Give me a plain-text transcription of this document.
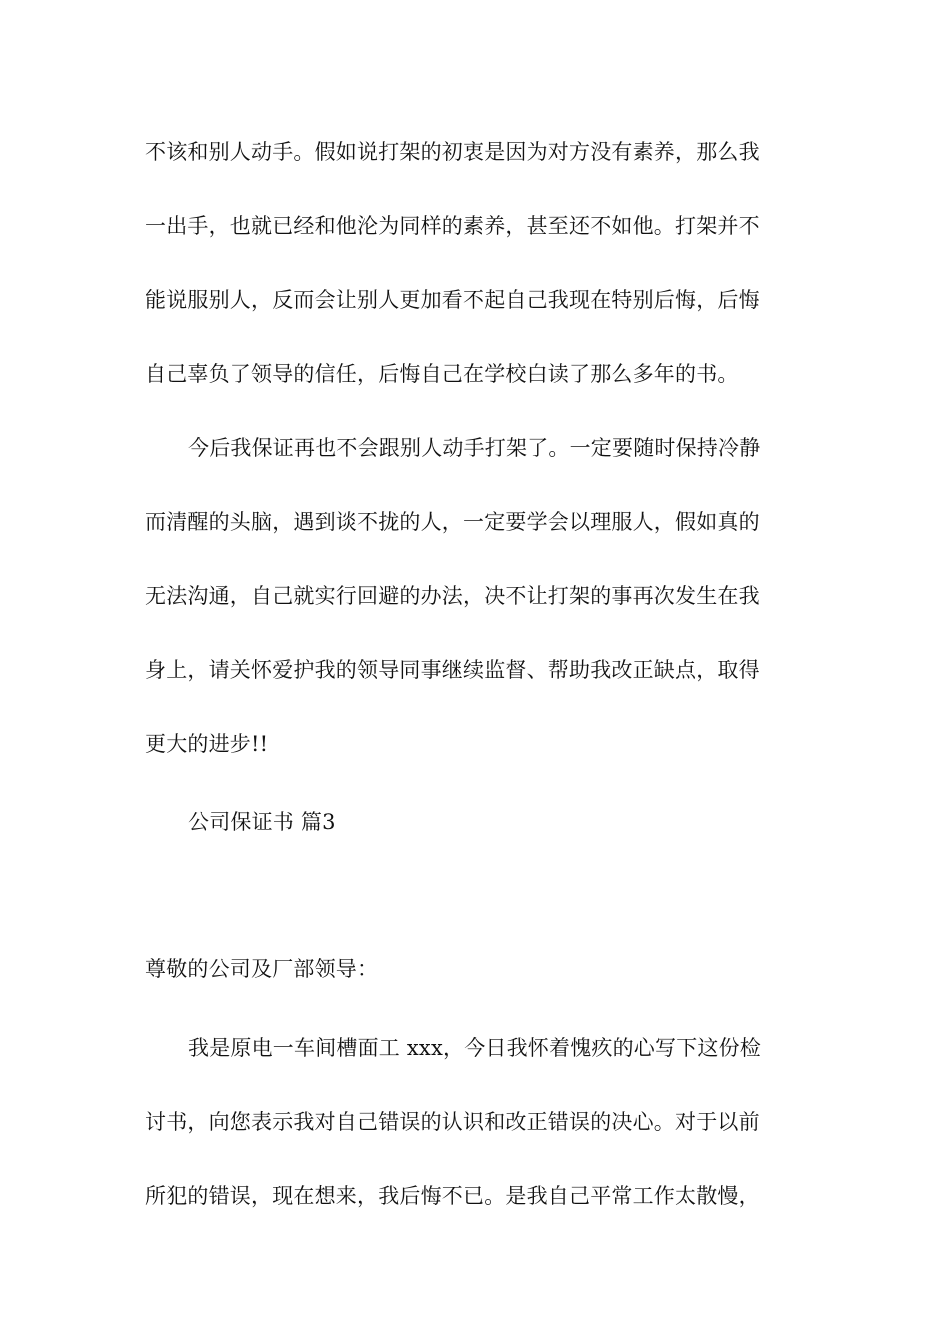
不该和别人动手。假如说打架的初衷是因为对方没有素养，那么我
一出手，也就已经和他沦为同样的素养，甚至还不如他。打架并不
能说服别人，反而会让别人更加看不起自己我现在特别后悔，后悔
自己辜负了领导的信任，后悔自己在学校白读了那么多年的书。
今后我保证再也不会跟别人动手打架了。一定要随时保持冷静
而清醒的头脑，遇到谈不拢的人，一定要学会以理服人，假如真的
无法沟通，自己就实行回避的办法，决不让打架的事再次发生在我
身上，请关怀爱护我的领导同事继续监督、帮助我改正缺点，取得
更大的进步!!
公司保证书 篇3
尊敬的公司及厂部领导：
我是原电一车间槽面工 xxx，今日我怀着愧疚的心写下这份检
讨书，向您表示我对自己错误的认识和改正错误的决心。对于以前
所犯的错误，现在想来，我后悔不已。是我自己平常工作太散慢，
